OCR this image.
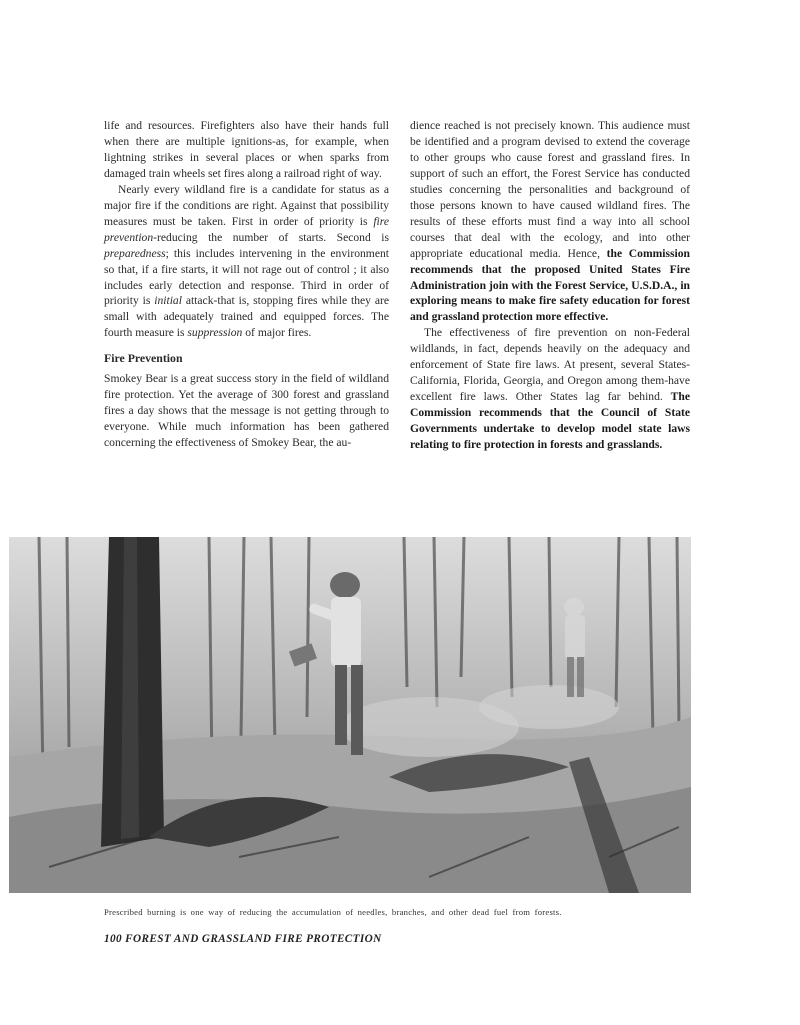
life and resources. Firefighters also have their hands full when there are multiple ignitions-as, for example, when lightning strikes in several places or when sparks from damaged train wheels set fires along a railroad right of way.

Nearly every wildland fire is a candidate for status as a major fire if the conditions are right. Against that possibility measures must be taken. First in order of priority is fire prevention-reducing the number of starts. Second is preparedness; this includes intervening in the environment so that, if a fire starts, it will not rage out of control ; it also includes early detection and response. Third in order of priority is initial attack-that is, stopping fires while they are small with adequately trained and equipped forces. The fourth measure is suppression of major fires.

Fire Prevention

Smokey Bear is a great success story in the field of wildland fire protection. Yet the average of 300 forest and grassland fires a day shows that the message is not getting through to everyone. While much information has been gathered concerning the effectiveness of Smokey Bear, the au-

dience reached is not precisely known. This audience must be identified and a program devised to extend the coverage to other groups who cause forest and grassland fires. In support of such an effort, the Forest Service has conducted studies concerning the personalities and background of those persons known to have caused wildland fires. The results of these efforts must find a way into all school courses that deal with the ecology, and into other appropriate educational media. Hence, the Commission recommends that the proposed United States Fire Administration join with the Forest Service, U.S.D.A., in exploring means to make fire safety education for forest and grassland protection more effective.

The effectiveness of fire prevention on non-Federal wildlands, in fact, depends heavily on the adequacy and enforcement of State fire laws. At present, several States-California, Florida, Georgia, and Oregon among them-have excellent fire laws. Other States lag far behind. The Commission recommends that the Council of State Governments undertake to develop model state laws relating to fire protection in forests and grasslands.

Prescribed burning is one way of reducing the accumulation of needles, branches, and other dead fuel from forests.
100 FOREST AND GRASSLAND FIRE PROTECTION
